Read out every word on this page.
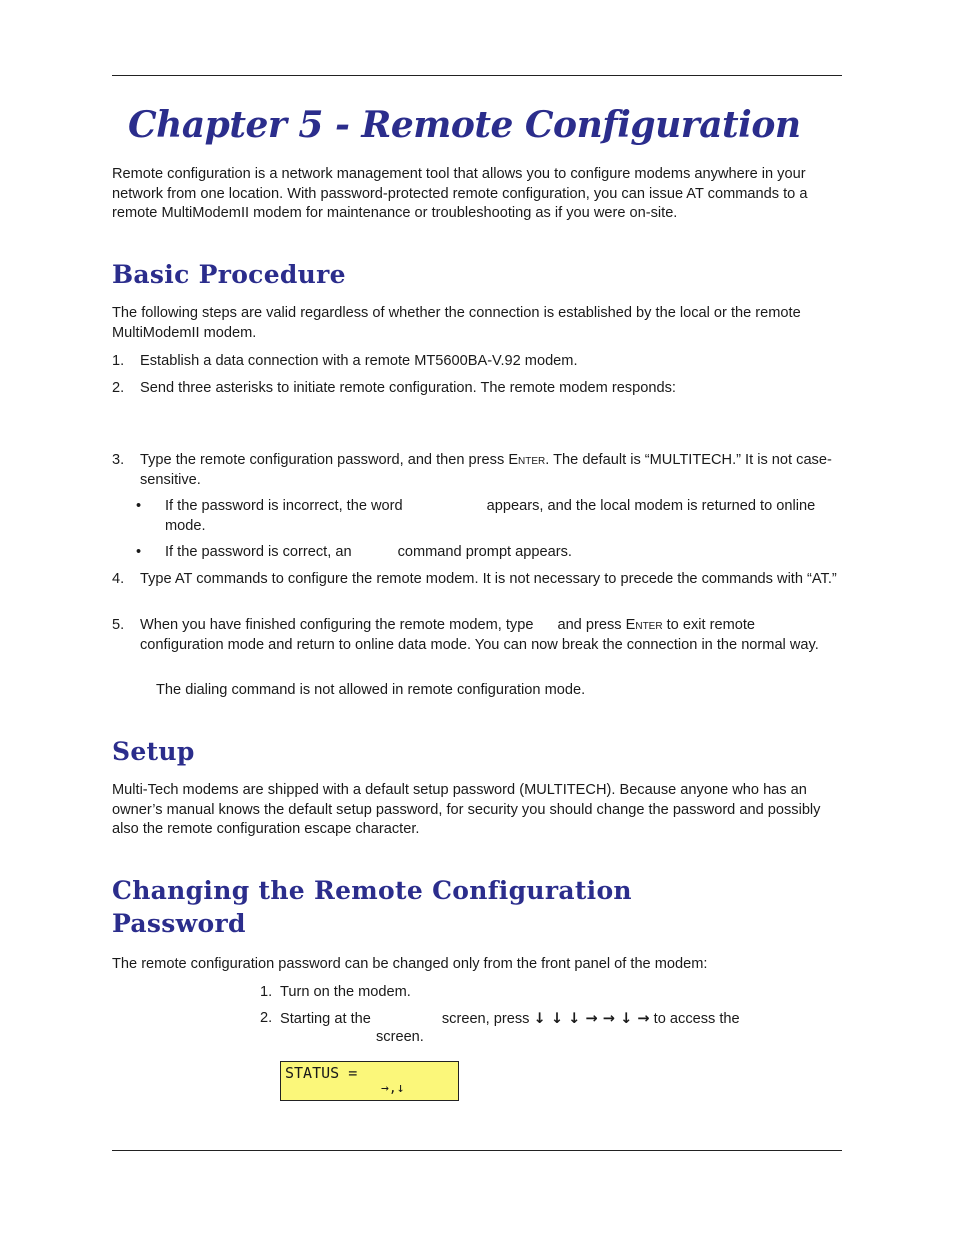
Chapter 5 - Remote Configuration

Remote configuration is a network management tool that allows you to configure modems anywhere in your network from one location. With password-protected remote configuration, you can issue AT commands to a remote MultiModemII modem for maintenance or troubleshooting as if you were on-site.

Basic Procedure

The following steps are valid regardless of whether the connection is established by the local or the remote MultiModemII modem.

1.	Establish a data connection with a remote MT5600BA-V.92 modem.
2.	Send three asterisks to initiate remote configuration. The remote modem responds:
3.	Type the remote configuration password, and then press Enter. The default is “MULTITECH.” It is not case-sensitive.
• If the password is incorrect, the word	appears, and the local modem is returned to online mode.
• If the password is correct, an	command prompt appears.
4.	Type AT commands to configure the remote modem. It is not necessary to precede the commands with “AT.”
5.	When you have finished configuring the remote modem, type and press Enter to exit remote configuration mode and return to online data mode. You can now break the connection in the normal way.

The dialing command is not allowed in remote configuration mode.

Setup

Multi-Tech modems are shipped with a default setup password (MULTITECH). Because anyone who has an owner’s manual knows the default setup password, for security you should change the password and possibly also the remote configuration escape character.

Changing the Remote Configuration
Password

The remote configuration password can be changed only from the front panel of the modem:

1. Turn on the modem.
2. Starting at the	screen, press ↓ ↓ ↓ → → ↓ → to access the
screen.
STATUS =
→,↓
